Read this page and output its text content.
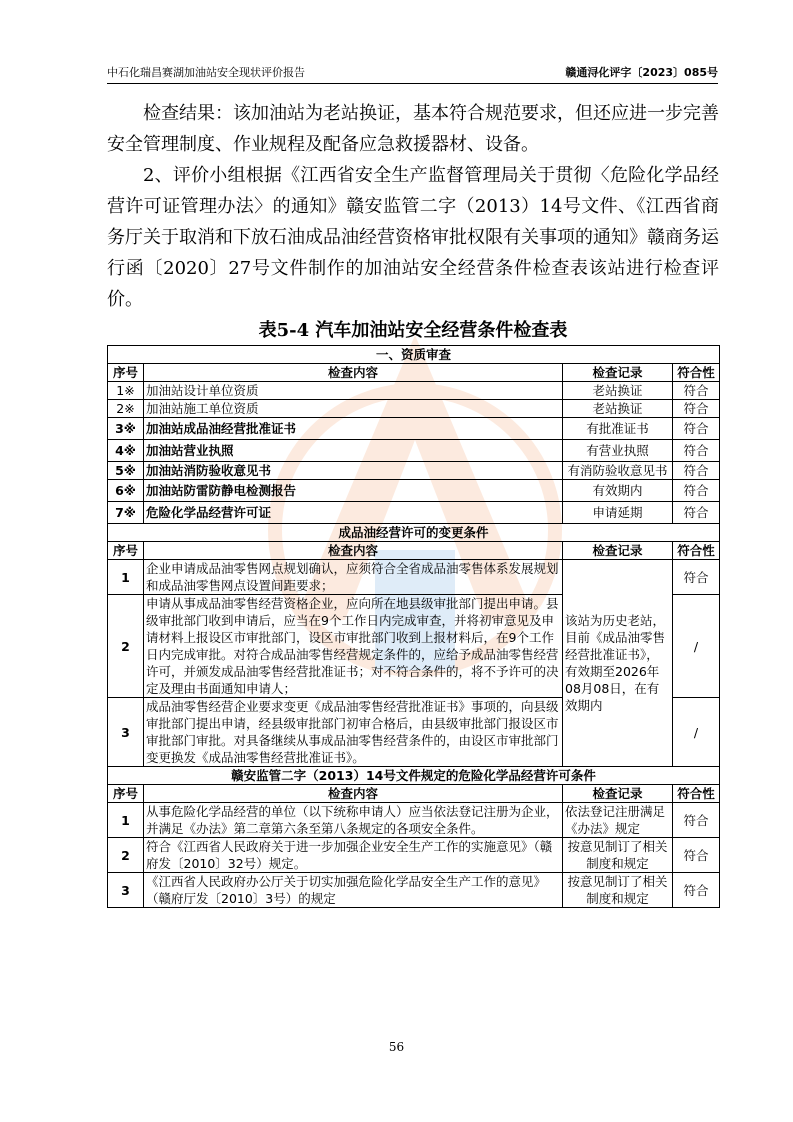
中石化瑞昌赛湖加油站安全现状评价报告	赣通浔化评字〔2023〕085号

检查结果：该加油站为老站换证，基本符合规范要求，但还应进一步完善安全管理制度、作业规程及配备应急救援器材、设备。

2、评价小组根据《江西省安全生产监督管理局关于贯彻〈危险化学品经营许可证管理办法〉的通知》赣安监管二字（2013）14号文件、《江西省商务厅关于取消和下放石油成品油经营资格审批权限有关事项的通知》赣商务运行函〔2020〕27号文件制作的加油站安全经营条件检查表该站进行检查评价。

表5-4 汽车加油站安全经营条件检查表
一、资质审查			
序号	检查内容	检查记录	符合性
1※	加油站设计单位资质	老站换证	符合
2※	加油站施工单位资质	老站换证	符合
3※	加油站成品油经营批准证书	有批准证书	符合
4※	加油站营业执照	有营业执照	符合
5※	加油站消防验收意见书	有消防验收意见书	符合
6※	加油站防雷防静电检测报告	有效期内	符合
7※	危险化学品经营许可证	申请延期	符合
成品油经营许可的变更条件			
序号	检查内容	检查记录	符合性
1	企业申请成品油零售网点规划确认，应须符合全省成品油零售体系发展规划和成品油零售网点设置间距要求；	该站为历史老站，目前《成品油零售经营批准证书》，有效期至2026年08月08日，在有效期内	符合
2	申请从事成品油零售经营资格企业，应向所在地县级审批部门提出申请。县级审批部门收到申请后，应当在9个工作日内完成审查，并将初审意见及申请材料上报设区市审批部门，设区市审批部门收到上报材料后，在9个工作日内完成审批。对符合成品油零售经营规定条件的，应给予成品油零售经营许可，并颁发成品油零售经营批准证书；对不符合条件的，将不予许可的决定及理由书面通知申请人；		/
3	成品油零售经营企业要求变更《成品油零售经营批准证书》事项的，向县级审批部门提出申请，经县级审批部门初审合格后，由县级审批部门报设区市审批部门审批。对具备继续从事成品油零售经营条件的，由设区市审批部门变更换发《成品油零售经营批准证书》。		/
赣安监管二字（2013）14号文件规定的危险化学品经营许可条件			
序号	检查内容	检查记录	符合性
1	从事危险化学品经营的单位（以下统称申请人）应当依法登记注册为企业，并满足《办法》第二章第六条至第八条规定的各项安全条件。	依法登记注册满足《办法》规定	符合
2	符合《江西省人民政府关于进一步加强企业安全生产工作的实施意见》（赣府发〔2010〕32号）规定。	按意见制订了相关制度和规定	符合
3	《江西省人民政府办公厅关于切实加强危险化学品安全生产工作的意见》（赣府厅发〔2010〕3号）的规定	按意见制订了相关制度和规定	符合
56
